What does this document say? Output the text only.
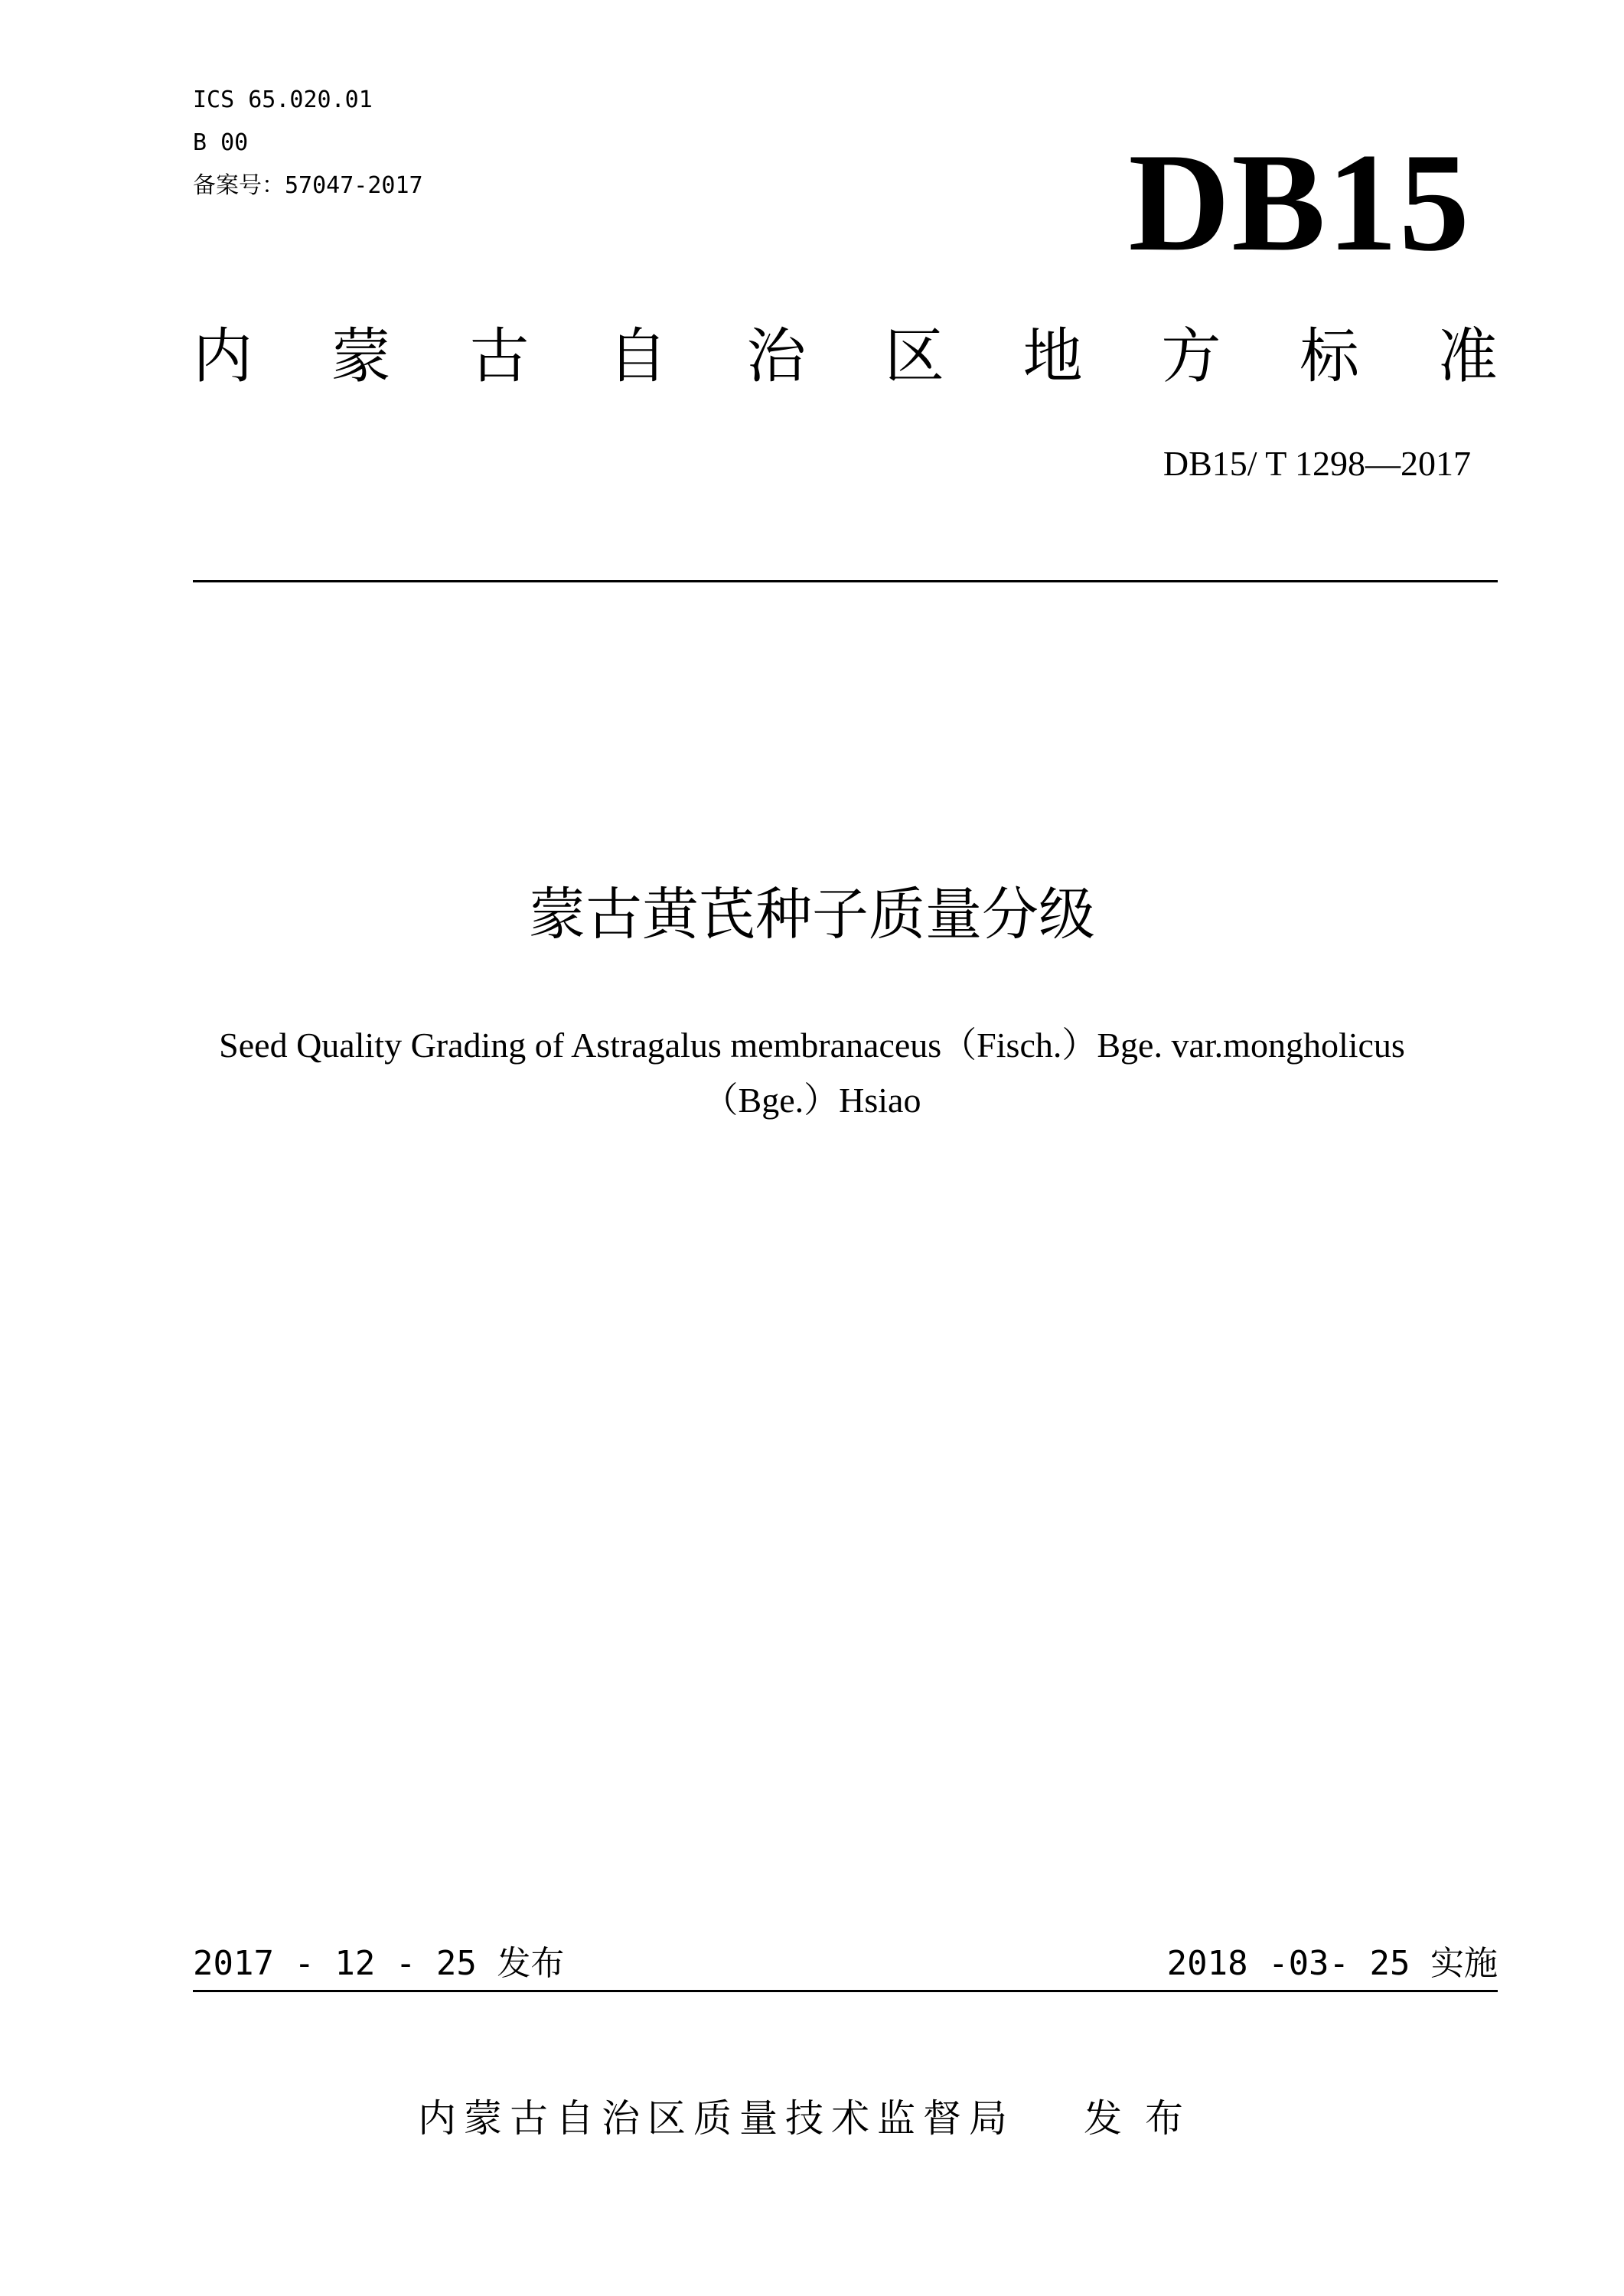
ICS 65.020.01
B 00
备案号：57047-2017	DB15
内 蒙 古 自 治 区 地 方 标 准
DB15/ T 1298—2017
蒙古黄芪种子质量分级
Seed Quality Grading of Astragalus membranaceus（Fisch.）Bge. var.mongholicus
（Bge.）Hsiao
2017 - 12 - 25 发布	2018 -03- 25 实施
内蒙古自治区质量技术监督局 发布
